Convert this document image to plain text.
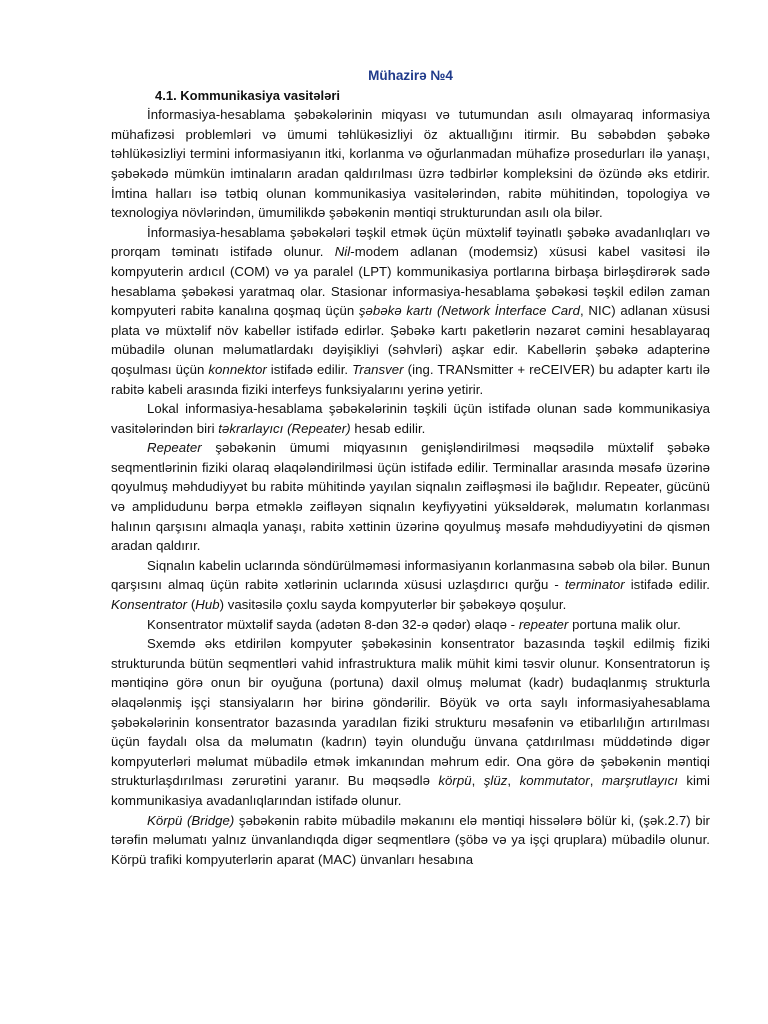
Mühazirə №4
4.1. Kommunikasiya vasitələri

İnformasiya-hesablama şəbəkələrinin miqyası və tutumundan asılı olmayaraq informasiya mühafizəsi problemləri və ümumi təhlükəsizliyi öz aktuallığını itirmir. Bu səbəbdən şəbəkə təhlükəsizliyi termini informasiyanın itki, korlanma və oğurlanmadan mühafizə prosedurları ilə yanaşı, şəbəkədə mümkün imtinaların aradan qaldırılması üzrə tədbirlər kompleksini də özündə əks etdirir. İmtina halları isə tətbiq olunan kommunikasiya vasitələrindən, rabitə mühitindən, topologiya və texnologiya növlərindən, ümumilikdə şəbəkənin məntiqi strukturundan asılı ola bilər.

İnformasiya-hesablama şəbəkələri təşkil etmək üçün müxtəlif təyinatlı şəbəkə avadanlıqları və prorqam təminatı istifadə olunur. Nil-modem adlanan (modemsiz) xüsusi kabel vasitəsi ilə kompyuterin ardıcıl (COM) və ya paralel (LPT) kommunikasiya portlarına birbaşa birləşdirərək sadə hesablama şəbəkəsi yaratmaq olar. Stasionar informasiya-hesablama şəbəkəsi təşkil edilən zaman kompyuteri rabitə kanalına qoşmaq üçün şəbəkə kartı (Network İnterface Card, NIC) adlanan xüsusi plata və müxtəlif növ kabellər istifadə edirlər. Şəbəkə kartı paketlərin nəzarət cəmini hesablayaraq mübadilə olunan məlumatlardakı dəyişikliyi (səhvləri) aşkar edir. Kabellərin şəbəkə adapterinə qoşulması üçün konnektor istifadə edilir. Transver (ing. TRANsmitter + reCEIVER) bu adapter kartı ilə rabitə kabeli arasında fiziki interfeys funksiyalarını yerinə yetirir.

Lokal informasiya-hesablama şəbəkələrinin təşkili üçün istifadə olunan sadə kommunikasiya vasitələrindən biri təkrarlayıcı (Repeater) hesab edilir.

Repeater şəbəkənin ümumi miqyasının genişləndirilməsi məqsədilə müxtəlif şəbəkə seqmentlərinin fiziki olaraq əlaqələndirilməsi üçün istifadə edilir. Terminallar arasında məsafə üzərinə qoyulmuş məhdudiyyət bu rabitə mühitində yayılan siqnalın zəifləşməsi ilə bağlıdır. Repeater, gücünü və amplidudunu bərpa etməklə zəifləyən siqnalın keyfiyyətini yüksəldərək, məlumatın korlanması halının qarşısını almaqla yanaşı, rabitə xəttinin üzərinə qoyulmuş məsafə məhdudiyyətini də qismən aradan qaldırır.

Siqnalın kabelin uclarında söndürülməməsi informasiyanın korlanmasına səbəb ola bilər. Bunun qarşısını almaq üçün rabitə xətlərinin uclarında xüsusi uzlaşdırıcı qurğu - terminator istifadə edilir. Konsentrator (Hub) vasitəsilə çoxlu sayda kompyuterlər bir şəbəkəyə qoşulur.

Konsentrator müxtəlif sayda (adətən 8-dən 32-ə qədər) əlaqə - repeater portuna malik olur.

Sxemdə əks etdirilən kompyuter şəbəkəsinin konsentrator bazasında təşkil edilmiş fiziki strukturunda bütün seqmentləri vahid infrastruktura malik mühit kimi təsvir olunur. Konsentratorun iş məntiqinə görə onun bir oyuğuna (portuna) daxil olmuş məlumat (kadr) budaqlanmış strukturla əlaqələnmiş işçi stansiyaların hər birinə göndərilir. Böyük və orta saylı informasiyahesablama şəbəkələrinin konsentrator bazasında yaradılan fiziki strukturu məsafənin və etibarlılığın artırılması üçün faydalı olsa da məlumatın (kadrın) təyin olunduğu ünvana çatdırılması müddətində digər kompyuterləri məlumat mübadilə etmək imkanından məhrum edir. Ona görə də şəbəkənin məntiqi strukturlaşdırılması zərurətini yaranır. Bu məqsədlə körpü, şlüz, kommutator, marşrutlayıcı kimi kommunikasiya avadanlıqlarından istifadə olunur.

Körpü (Bridge) şəbəkənin rabitə mübadilə məkanını elə məntiqi hissələrə bölür ki, (şək.2.7) bir tərəfin məlumatı yalnız ünvanlandıqda digər seqmentlərə (şöbə və ya işçi qruplara) mübadilə olunur. Körpü trafiki kompyuterlərin aparat (MAC) ünvanları hesabına
